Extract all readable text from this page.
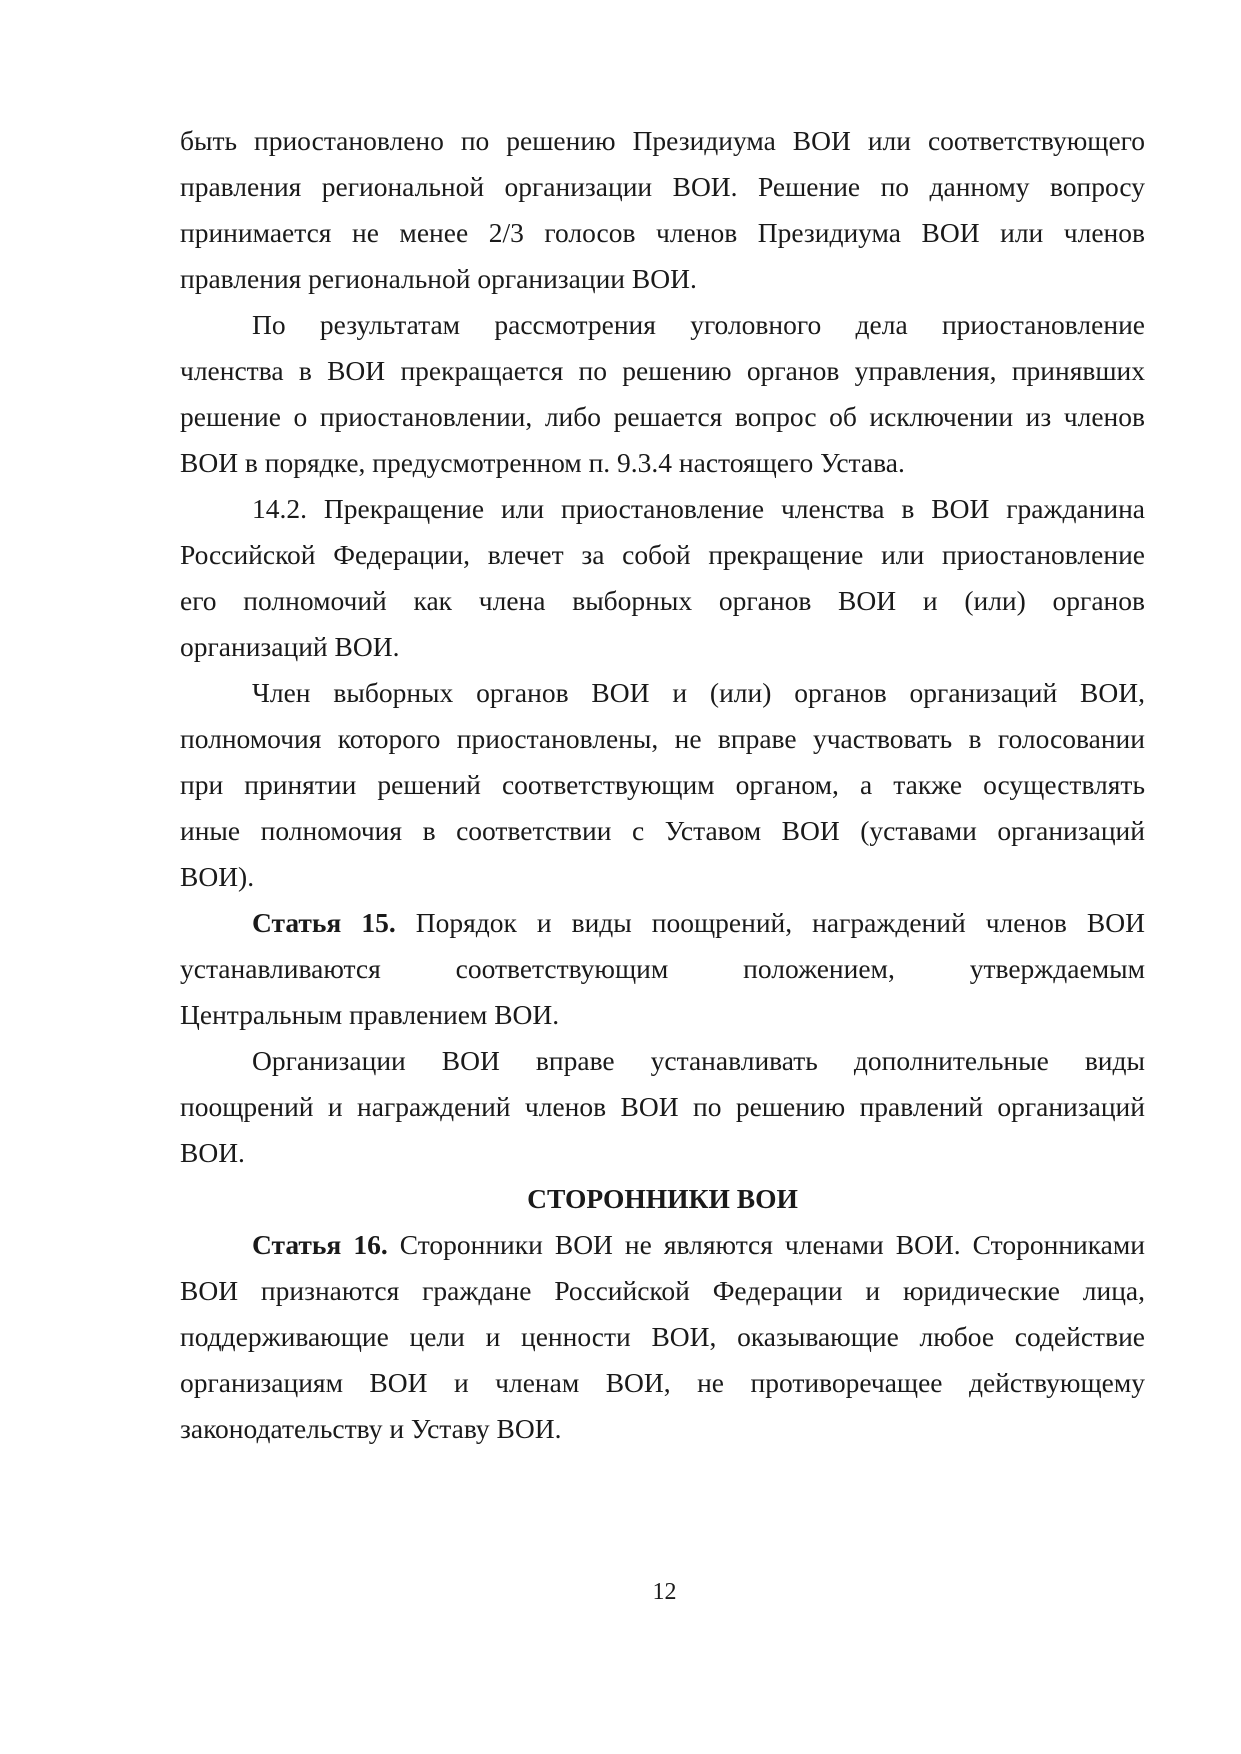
быть приостановлено по решению Президиума ВОИ или соответствующего
правления региональной организации ВОИ. Решение по данному вопросу
принимается не менее 2/3 голосов членов Президиума ВОИ или членов
правления региональной организации ВОИ.
По результатам рассмотрения уголовного дела приостановление
членства в ВОИ прекращается по решению органов управления, принявших
решение о приостановлении, либо решается вопрос об исключении из членов
ВОИ в порядке, предусмотренном п. 9.3.4 настоящего Устава.
14.2. Прекращение или приостановление членства в ВОИ гражданина
Российской Федерации, влечет за собой прекращение или приостановление
его полномочий как члена выборных органов ВОИ и (или) органов
организаций ВОИ.
Член выборных органов ВОИ и (или) органов организаций ВОИ,
полномочия которого приостановлены, не вправе участвовать в голосовании
при принятии решений соответствующим органом, а также осуществлять
иные полномочия в соответствии с Уставом ВОИ (уставами организаций
ВОИ).
Статья 15. Порядок и виды поощрений, награждений членов ВОИ
устанавливаются соответствующим положением, утверждаемым
Центральным правлением ВОИ.
Организации ВОИ вправе устанавливать дополнительные виды
поощрений и награждений членов ВОИ по решению правлений организаций
ВОИ.
СТОРОННИКИ ВОИ
Статья 16. Сторонники ВОИ не являются членами ВОИ. Сторонниками
ВОИ признаются граждане Российской Федерации и юридические лица,
поддерживающие цели и ценности ВОИ, оказывающие любое содействие
организациям ВОИ и членам ВОИ, не противоречащее действующему
законодательству и Уставу ВОИ.
12
